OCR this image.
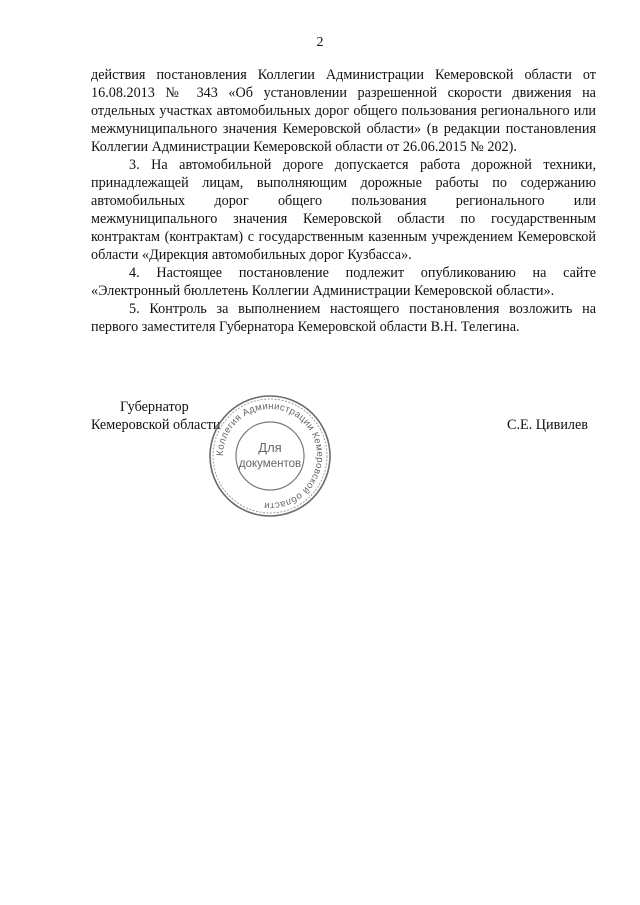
2

действия постановления Коллегии Администрации Кемеровской области от 16.08.2013 № 343 «Об установлении разрешенной скорости движения на отдельных участках автомобильных дорог общего пользования регионального или межмуниципального значения Кемеровской области» (в редакции постановления Коллегии Администрации Кемеровской области от 26.06.2015 № 202).

3. На автомобильной дороге допускается работа дорожной техники, принадлежащей лицам, выполняющим дорожные работы по содержанию автомобильных дорог общего пользования регионального или межмуниципального значения Кемеровской области по государственным контрактам (контрактам) с государственным казенным учреждением Кемеровской области «Дирекция автомобильных дорог Кузбасса».

4. Настоящее постановление подлежит опубликованию на сайте «Электронный бюллетень Коллегии Администрации Кемеровской области».

5. Контроль за выполнением настоящего постановления возложить на первого заместителя Губернатора Кемеровской области В.Н. Телегина.

Губернатор
Кемеровской области	С.Е. Цивилев
Коллегия Администрации Кемеровской области
Для
документов
